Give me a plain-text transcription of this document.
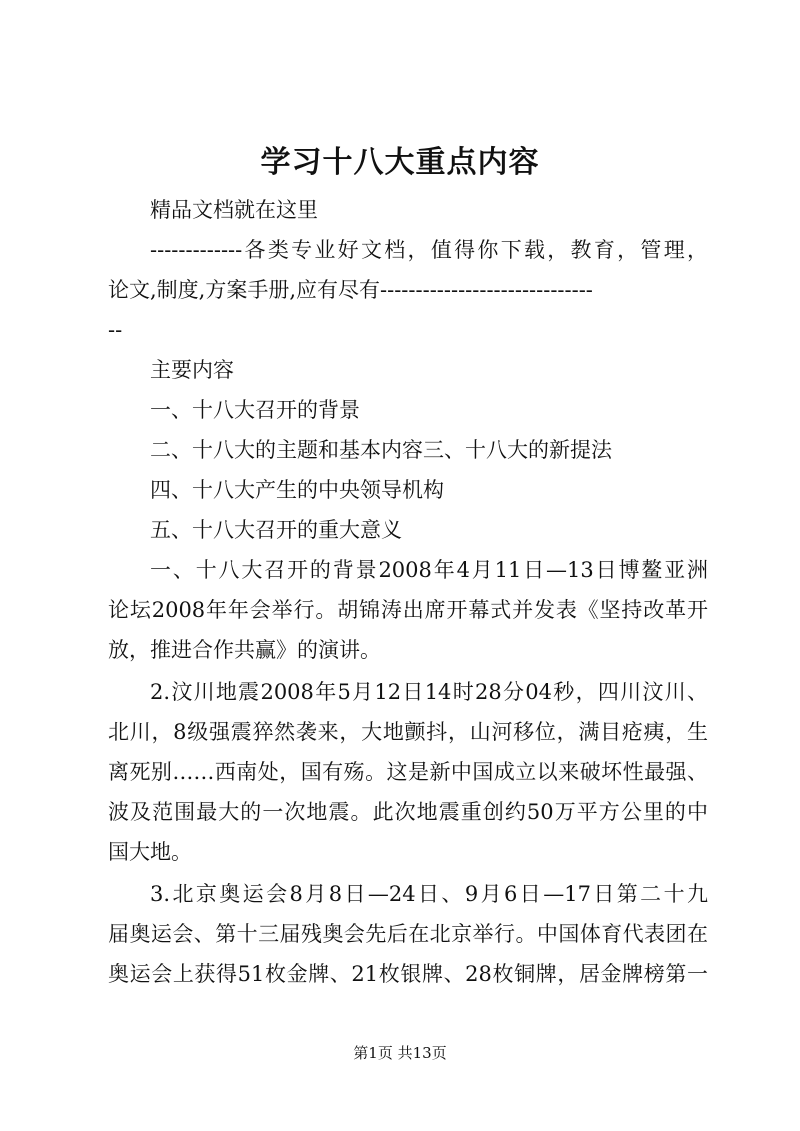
学习十八大重点内容
精品文档就在这里
-------------各类专业好文档，值得你下载，教育，管理，
论文,制度,方案手册,应有尽有------------------------------
--
主要内容
一、十八大召开的背景
二、十八大的主题和基本内容三、十八大的新提法
四、十八大产生的中央领导机构
五、十八大召开的重大意义
一、十八大召开的背景2008年4月11日—13日博鳌亚洲
论坛2008年年会举行。胡锦涛出席开幕式并发表《坚持改革开
放，推进合作共赢》的演讲。
2.汶川地震2008年5月12日14时28分04秒，四川汶川、
北川，8级强震猝然袭来，大地颤抖，山河移位，满目疮痍，生
离死别……西南处，国有殇。这是新中国成立以来破坏性最强、
波及范围最大的一次地震。此次地震重创约50万平方公里的中
国大地。
3.北京奥运会8月8日—24日、9月6日—17日第二十九
届奥运会、第十三届残奥会先后在北京举行。中国体育代表团在
奥运会上获得51枚金牌、21枚银牌、28枚铜牌，居金牌榜第一
第1页 共13页
